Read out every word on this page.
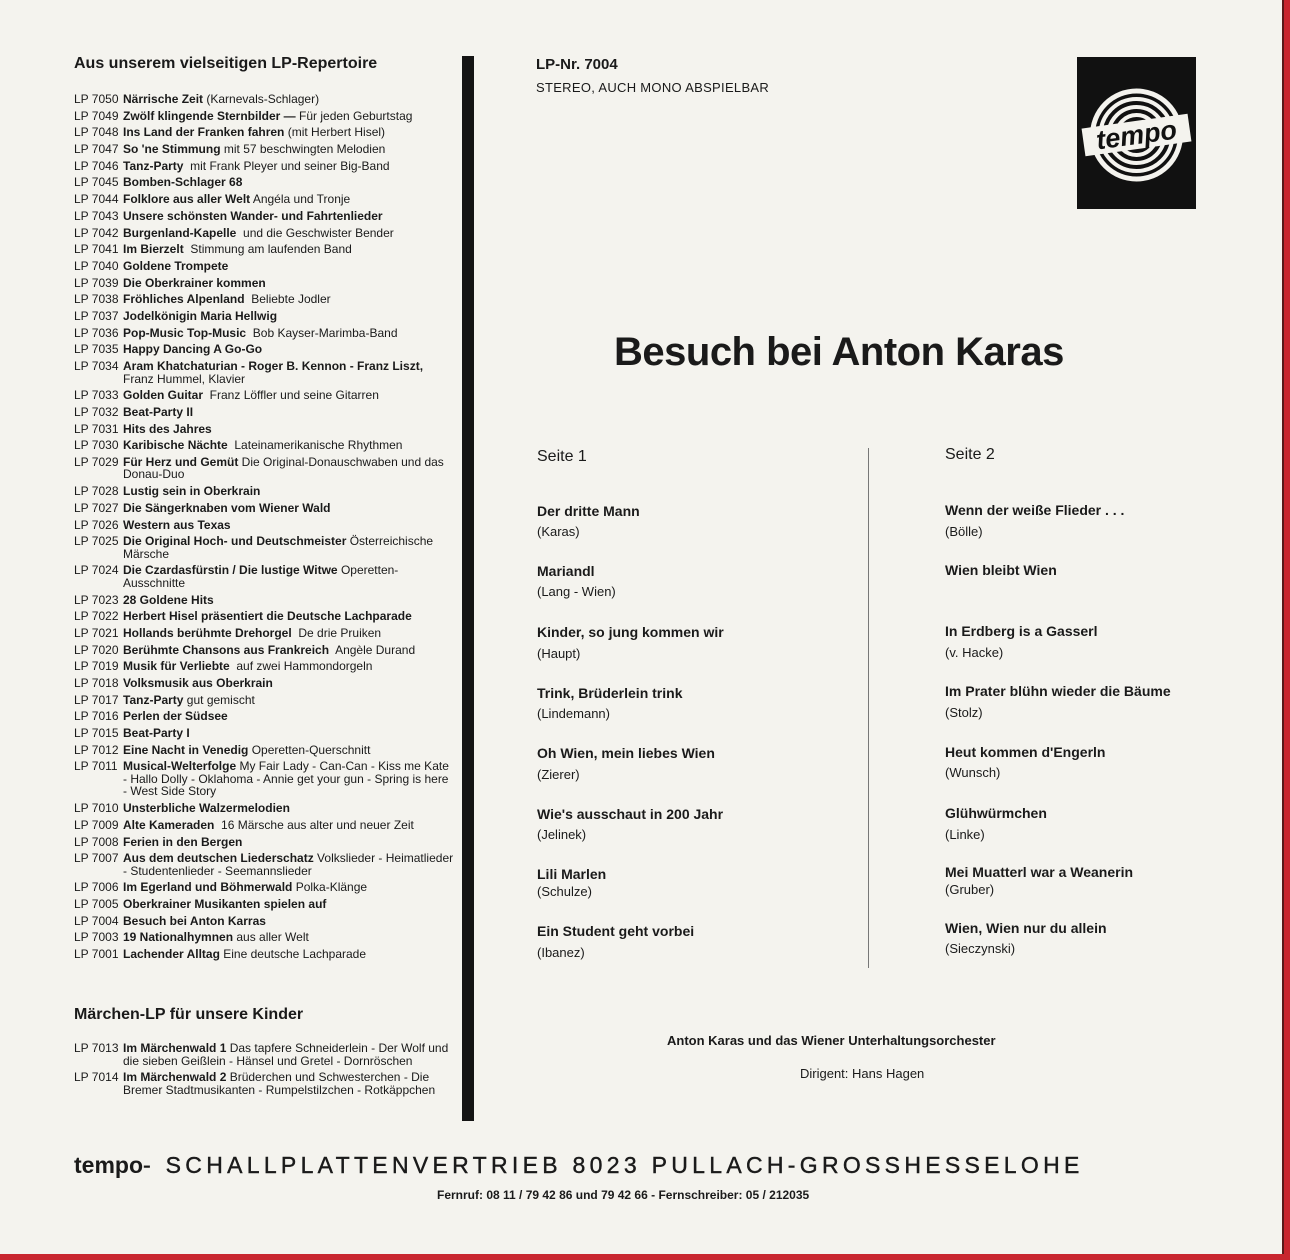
Aus unserem vielseitigen LP-Repertoire
LP 7050 Närrische Zeit (Karnevals-Schlager)
LP 7049 Zwölf klingende Sternbilder — Für jeden Geburtstag
LP 7048 Ins Land der Franken fahren (mit Herbert Hisel)
LP 7047 So 'ne Stimmung mit 57 beschwingten Melodien
LP 7046 Tanz-Party  mit Frank Pleyer und seiner Big-Band
LP 7045 Bomben-Schlager 68
LP 7044 Folklore aus aller Welt Angéla und Tronje
LP 7043 Unsere schönsten Wander- und Fahrtenlieder
LP 7042 Burgenland-Kapelle  und die Geschwister Bender
LP 7041 Im Bierzelt  Stimmung am laufenden Band
LP 7040 Goldene Trompete
LP 7039 Die Oberkrainer kommen
LP 7038 Fröhliches Alpenland  Beliebte Jodler
LP 7037 Jodelkönigin Maria Hellwig
LP 7036 Pop-Music Top-Music  Bob Kayser-Marimba-Band
LP 7035 Happy Dancing A Go-Go
LP 7034 Aram Khatchaturian - Roger B. Kennon - Franz Liszt, Franz Hummel, Klavier
LP 7033 Golden Guitar  Franz Löffler und seine Gitarren
LP 7032 Beat-Party II
LP 7031 Hits des Jahres
LP 7030 Karibische Nächte  Lateinamerikanische Rhythmen
LP 7029 Für Herz und Gemüt Die Original-Donauschwaben und das Donau-Duo
LP 7028 Lustig sein in Oberkrain
LP 7027 Die Sängerknaben vom Wiener Wald
LP 7026 Western aus Texas
LP 7025 Die Original Hoch- und Deutschmeister Österreichische Märsche
LP 7024 Die Czardasfürstin / Die lustige Witwe Operetten-Ausschnitte
LP 7023 28 Goldene Hits
LP 7022 Herbert Hisel präsentiert die Deutsche Lachparade
LP 7021 Hollands berühmte Drehorgel  De drie Pruiken
LP 7020 Berühmte Chansons aus Frankreich  Angèle Durand
LP 7019 Musik für Verliebte  auf zwei Hammondorgeln
LP 7018 Volksmusik aus Oberkrain
LP 7017 Tanz-Party gut gemischt
LP 7016 Perlen der Südsee
LP 7015 Beat-Party I
LP 7012 Eine Nacht in Venedig Operetten-Querschnitt
LP 7011 Musical-Welterfolge My Fair Lady - Can-Can - Kiss me Kate - Hallo Dolly - Oklahoma - Annie get your gun - Spring is here - West Side Story
LP 7010 Unsterbliche Walzermelodien
LP 7009 Alte Kameraden  16 Märsche aus alter und neuer Zeit
LP 7008 Ferien in den Bergen
LP 7007 Aus dem deutschen Liederschatz Volkslieder - Heimatlieder - Studentenlieder - Seemannslieder
LP 7006 Im Egerland und Böhmerwald Polka-Klänge
LP 7005 Oberkrainer Musikanten spielen auf
LP 7004 Besuch bei Anton Karras
LP 7003 19 Nationalhymnen aus aller Welt
LP 7001 Lachender Alltag Eine deutsche Lachparade
Märchen-LP für unsere Kinder
LP 7013 Im Märchenwald 1 Das tapfere Schneiderlein - Der Wolf und die sieben Geißlein - Hänsel und Gretel - Dornröschen
LP 7014 Im Märchenwald 2 Brüderchen und Schwesterchen - Die Bremer Stadtmusikanten - Rumpelstilzchen - Rotkäppchen
LP-Nr. 7004
STEREO, AUCH MONO ABSPIELBAR
tempo
Besuch bei Anton Karas
Seite 1	Seite 2
Der dritte Mann
(Karas)
Mariandl
(Lang - Wien)
Kinder, so jung kommen wir
(Haupt)
Trink, Brüderlein trink
(Lindemann)
Oh Wien, mein liebes Wien
(Zierer)
Wie's ausschaut in 200 Jahr
(Jelinek)
Lili Marlen
(Schulze)
Ein Student geht vorbei
(Ibanez)
Wenn der weiße Flieder . . .
(Bölle)
Wien bleibt Wien
In Erdberg is a Gasserl
(v. Hacke)
Im Prater blühn wieder die Bäume
(Stolz)
Heut kommen d'Engerln
(Wunsch)
Glühwürmchen
(Linke)
Mei Muatterl war a Weanerin
(Gruber)
Wien, Wien nur du allein
(Sieczynski)
Anton Karas und das Wiener Unterhaltungsorchester
Dirigent: Hans Hagen
tempo- SCHALLPLATTENVERTRIEB 8023 PULLACH-GROSSHESSELOHE
Fernruf: 08 11 / 79 42 86 und 79 42 66 - Fernschreiber: 05 / 212035
